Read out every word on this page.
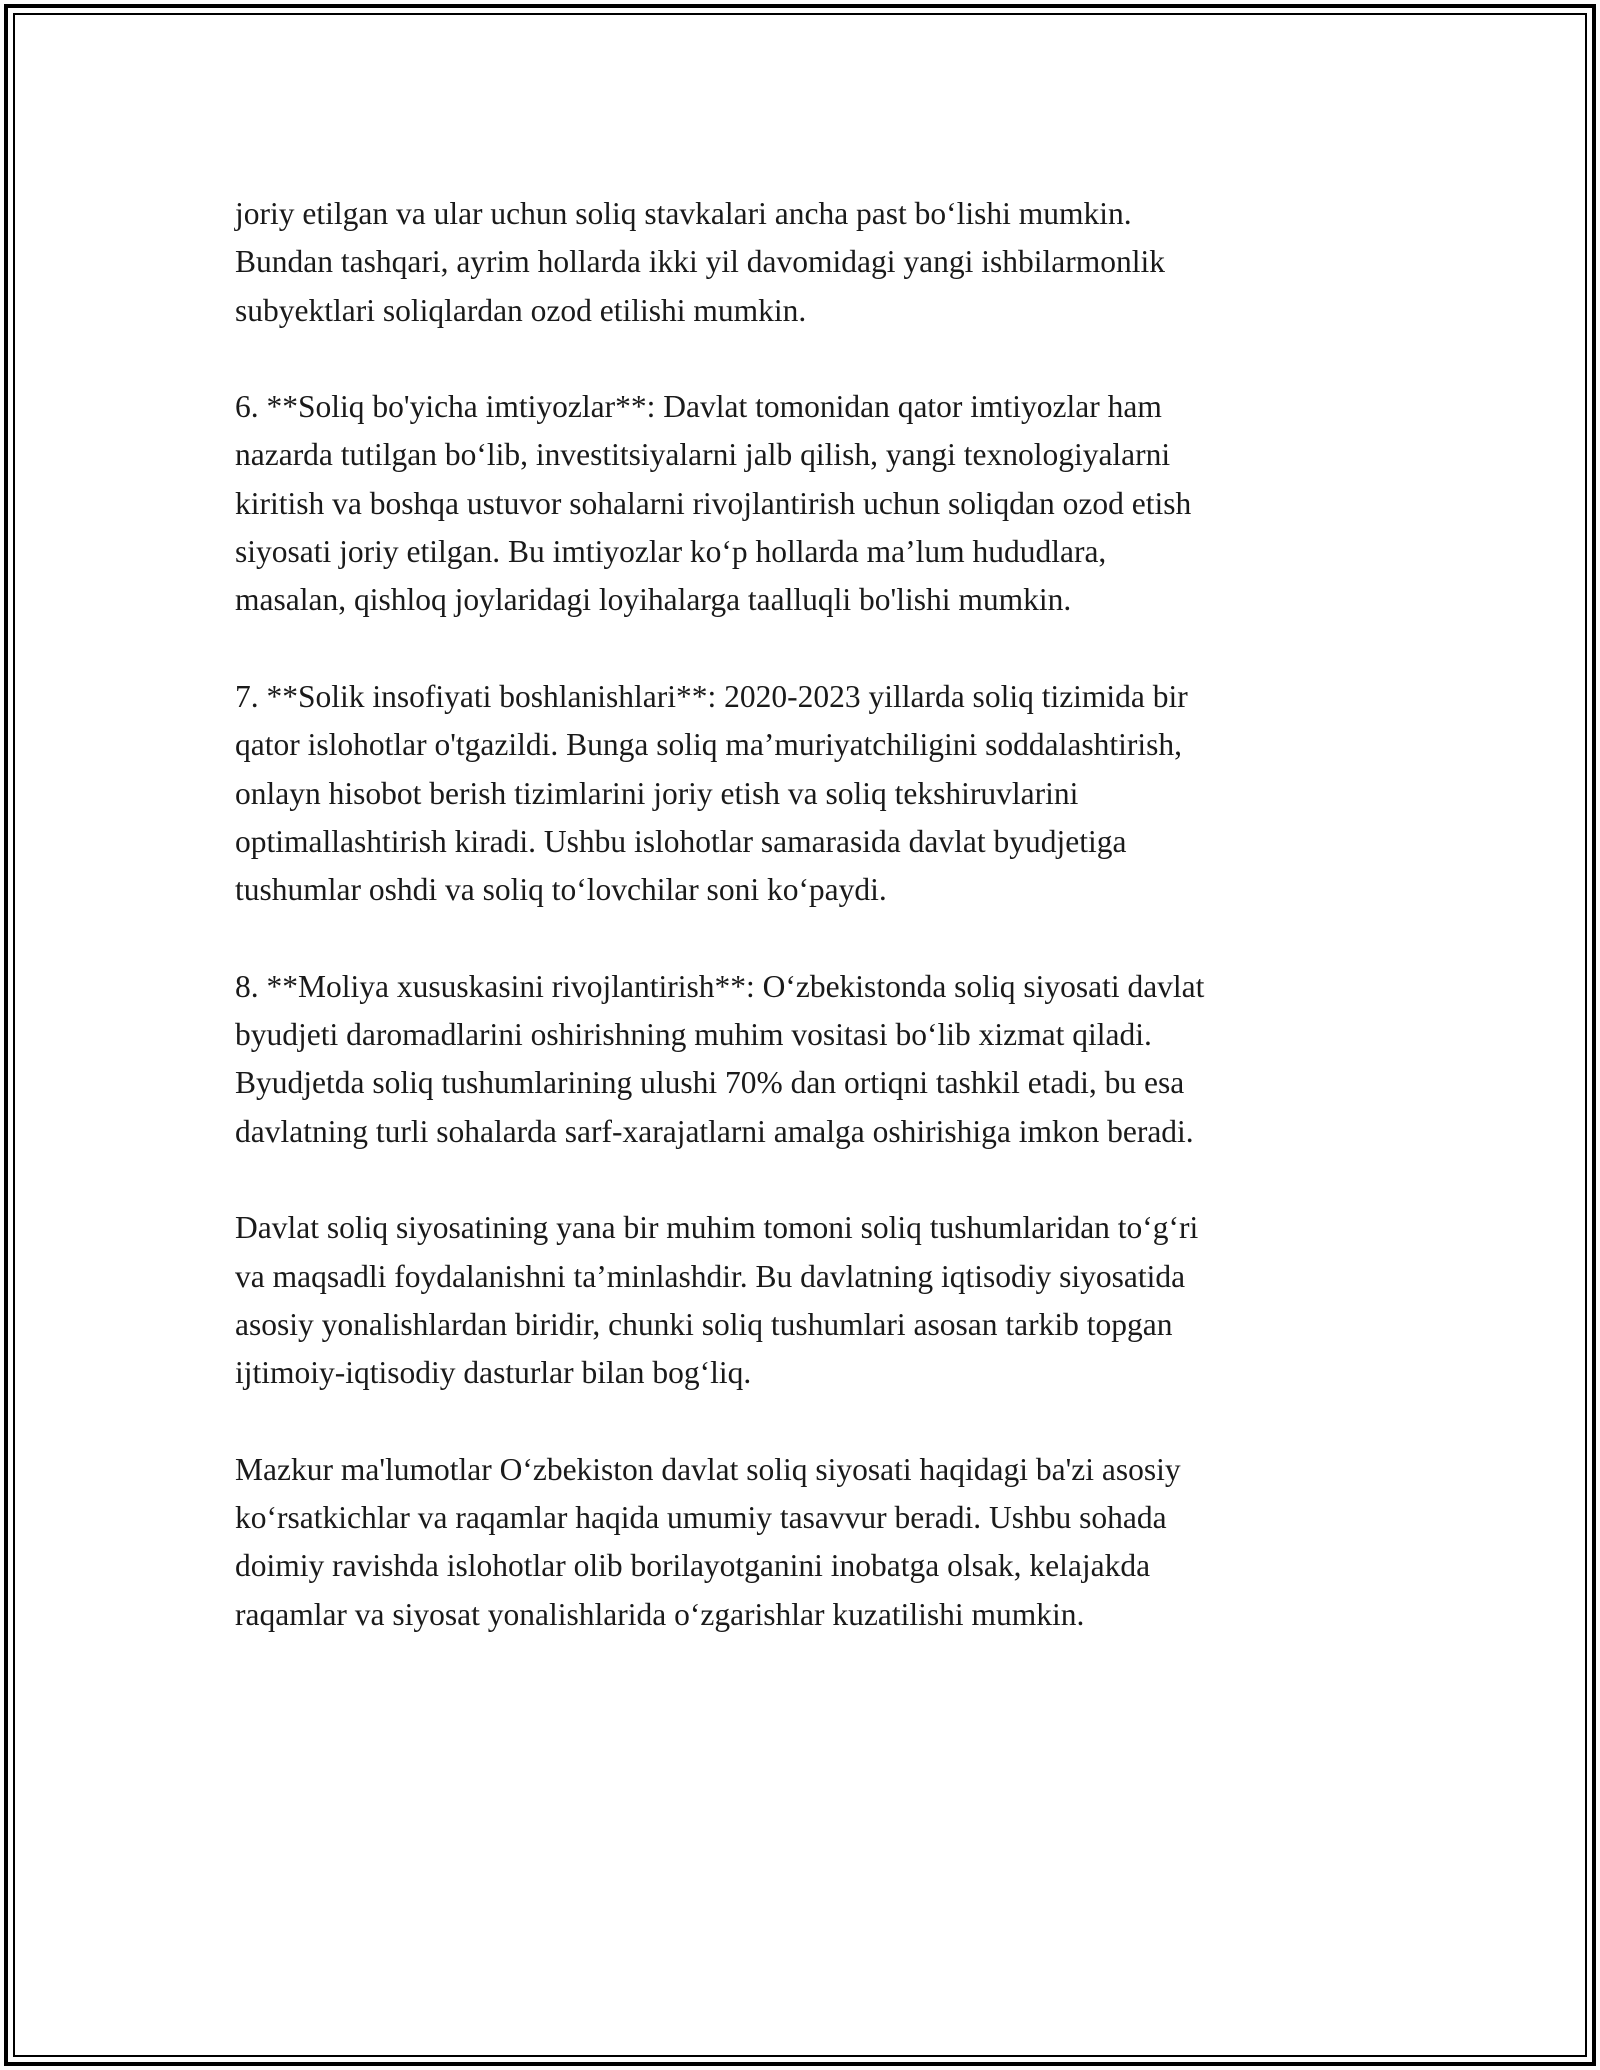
joriy etilgan va ular uchun soliq stavkalari ancha past boʻlishi mumkin.
Bundan tashqari, ayrim hollarda ikki yil davomidagi yangi ishbilarmonlik
subyektlari soliqlardan ozod etilishi mumkin.

6. **Soliq bo'yicha imtiyozlar**: Davlat tomonidan qator imtiyozlar ham
nazarda tutilgan boʻlib, investitsiyalarni jalb qilish, yangi texnologiyalarni
kiritish va boshqa ustuvor sohalarni rivojlantirish uchun soliqdan ozod etish
siyosati joriy etilgan. Bu imtiyozlar koʻp hollarda maʼlum hududlara,
masalan, qishloq joylaridagi loyihalarga taalluqli bo'lishi mumkin.

7. **Solik insofiyati boshlanishlari**: 2020-2023 yillarda soliq tizimida bir
qator islohotlar o'tgazildi. Bunga soliq maʼmuriyatchiligini soddalashtirish,
onlayn hisobot berish tizimlarini joriy etish va soliq tekshiruvlarini
optimallashtirish kiradi. Ushbu islohotlar samarasida davlat byudjetiga
tushumlar oshdi va soliq toʻlovchilar soni koʻpaydi.

8. **Moliya xususkasini rivojlantirish**: Oʻzbekistonda soliq siyosati davlat
byudjeti daromadlarini oshirishning muhim vositasi boʻlib xizmat qiladi.
Byudjetda soliq tushumlarining ulushi 70% dan ortiqni tashkil etadi, bu esa
davlatning turli sohalarda sarf-xarajatlarni amalga oshirishiga imkon beradi.

Davlat soliq siyosatining yana bir muhim tomoni soliq tushumlaridan toʻgʻri
va maqsadli foydalanishni taʼminlashdir. Bu davlatning iqtisodiy siyosatida
asosiy yonalishlardan biridir, chunki soliq tushumlari asosan tarkib topgan
ijtimoiy-iqtisodiy dasturlar bilan bogʻliq.

Mazkur ma'lumotlar Oʻzbekiston davlat soliq siyosati haqidagi ba'zi asosiy
koʻrsatkichlar va raqamlar haqida umumiy tasavvur beradi. Ushbu sohada
doimiy ravishda islohotlar olib borilayotganini inobatga olsak, kelajakda
raqamlar va siyosat yonalishlarida oʻzgarishlar kuzatilishi mumkin.
